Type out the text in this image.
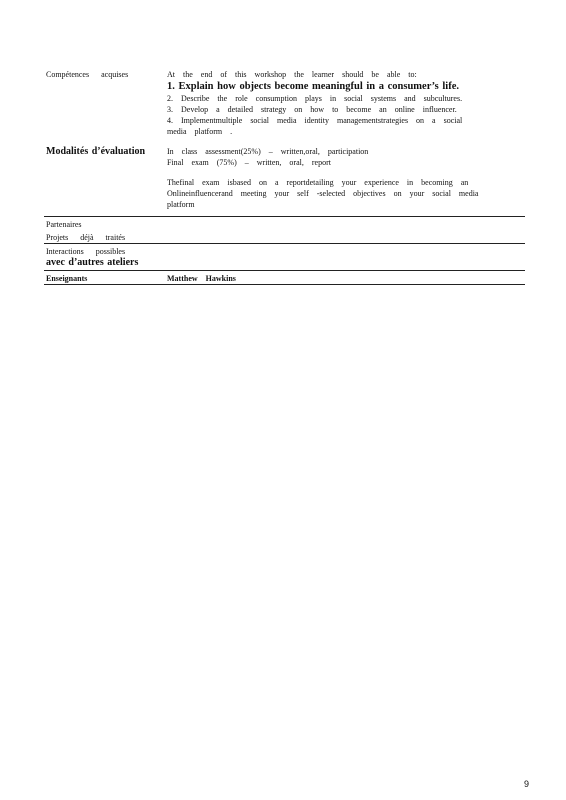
Compétences acquises	At the end of this workshop the learner should be able to:
1. Explain how objects become meaningful in a consumer’s life.
2. Describe the role consumption plays in social systems and subcultures.
3. Develop a detailed strategy on how to become an online influencer.
4. Implementmultiple social media identity managementstrategies on a social
media platform .
Modalités d’évaluation	In class assessment(25%) – written,oral, participation
Final exam (75%) – written, oral, report
Thefinal exam isbased on a reportdetailing your experience in becoming an
Onlineinfluencerand meeting your self -selected objectives on your social media
platform
Partenaires
Projets déjà traités
Interactions possibles
avec d’autres ateliers
Enseignants	Matthew Hawkins
9
